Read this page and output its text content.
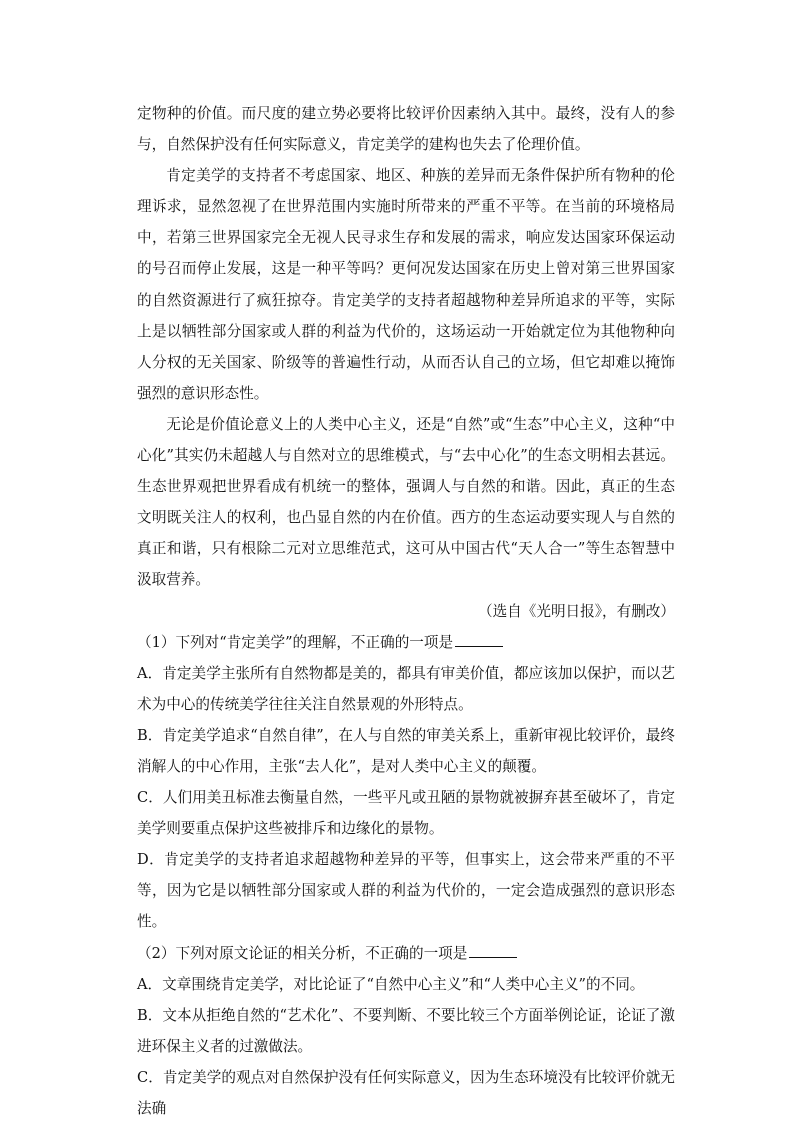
定物种的价值。而尺度的建立势必要将比较评价因素纳入其中。最终，没有人的参与，自然保护没有任何实际意义，肯定美学的建构也失去了伦理价值。

肯定美学的支持者不考虑国家、地区、种族的差异而无条件保护所有物种的伦理诉求，显然忽视了在世界范围内实施时所带来的严重不平等。在当前的环境格局中，若第三世界国家完全无视人民寻求生存和发展的需求，响应发达国家环保运动的号召而停止发展，这是一种平等吗？更何况发达国家在历史上曾对第三世界国家的自然资源进行了疯狂掠夺。肯定美学的支持者超越物种差异所追求的平等，实际上是以牺牲部分国家或人群的利益为代价的，这场运动一开始就定位为其他物种向人分权的无关国家、阶级等的普遍性行动，从而否认自己的立场，但它却难以掩饰强烈的意识形态性。

无论是价值论意义上的人类中心主义，还是“自然”或“生态”中心主义，这种“中心化”其实仍未超越人与自然对立的思维模式，与“去中心化”的生态文明相去甚远。生态世界观把世界看成有机统一的整体，强调人与自然的和谐。因此，真正的生态文明既关注人的权利，也凸显自然的内在价值。西方的生态运动要实现人与自然的真正和谐，只有根除二元对立思维范式，这可从中国古代“天人合一”等生态智慧中汲取营养。

（选自《光明日报》，有删改）

（1）下列对“肯定美学”的理解，不正确的一项是

A．肯定美学主张所有自然物都是美的，都具有审美价值，都应该加以保护，而以艺术为中心的传统美学往往关注自然景观的外形特点。

B．肯定美学追求“自然自律”，在人与自然的审美关系上，重新审视比较评价，最终消解人的中心作用，主张“去人化”，是对人类中心主义的颠覆。

C．人们用美丑标准去衡量自然，一些平凡或丑陋的景物就被摒弃甚至破坏了，肯定美学则要重点保护这些被排斥和边缘化的景物。

D．肯定美学的支持者追求超越物种差异的平等，但事实上，这会带来严重的不平等，因为它是以牺牲部分国家或人群的利益为代价的，一定会造成强烈的意识形态性。

（2）下列对原文论证的相关分析，不正确的一项是

A．文章围绕肯定美学，对比论证了“自然中心主义”和“人类中心主义”的不同。

B．文本从拒绝自然的“艺术化”、不要判断、不要比较三个方面举例论证，论证了激进环保主义者的过激做法。

C．肯定美学的观点对自然保护没有任何实际意义，因为生态环境没有比较评价就无法确
